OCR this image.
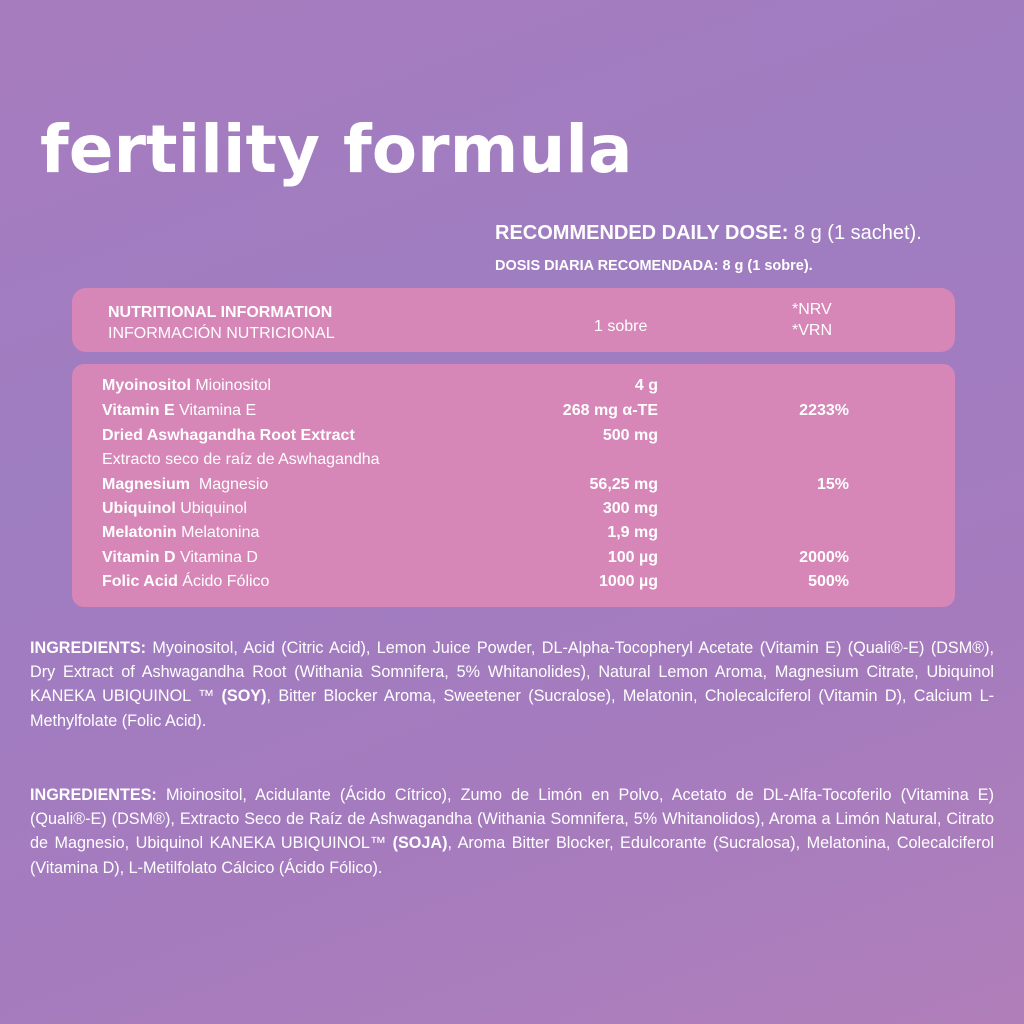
fertility formula
RECOMMENDED DAILY DOSE: 8 g (1 sachet).
DOSIS DIARIA RECOMENDADA: 8 g (1 sobre).
NUTRITIONAL INFORMATION
INFORMACIÓN NUTRICIONAL	1 sobre
*NRV
*VRN
Myoinositol Mioinositol	4 g
Vitamin E Vitamina E	268 mg α-TE	2233%
Dried Aswhagandha Root Extract	500 mg
Extracto seco de raíz de Aswhagandha
Magnesium  Magnesio	56,25 mg	15%
Ubiquinol Ubiquinol	300 mg
Melatonin Melatonina	1,9 mg
Vitamin D Vitamina D	100 µg	2000%
Folic Acid Ácido Fólico	1000 µg	500%
INGREDIENTS: Myoinositol, Acid (Citric Acid), Lemon Juice Powder, DL-Alpha-Tocopheryl Acetate (Vitamin E) (Quali®-E) (DSM®), Dry Extract of Ashwagandha Root (Withania Somnifera, 5% Whitanolides), Natural Lemon Aroma, Magnesium Citrate, Ubiquinol KANEKA UBIQUINOL ™ (SOY), Bitter Blocker Aroma, Sweetener (Sucralose), Melatonin, Cholecalciferol (Vitamin D), Calcium L-Methylfolate (Folic Acid).
INGREDIENTES: Mioinositol, Acidulante (Ácido Cítrico), Zumo de Limón en Polvo, Acetato de DL-Alfa-Tocoferilo (Vitamina E) (Quali®-E) (DSM®), Extracto Seco de Raíz de Ashwagandha (Withania Somnifera, 5% Whitanolidos), Aroma a Limón Natural, Citrato de Magnesio, Ubiquinol KANEKA UBIQUINOL™ (SOJA), Aroma Bitter Blocker, Edulcorante (Sucralosa), Melatonina, Colecalciferol (Vitamina D), L-Metilfolato Cálcico (Ácido Fólico).
